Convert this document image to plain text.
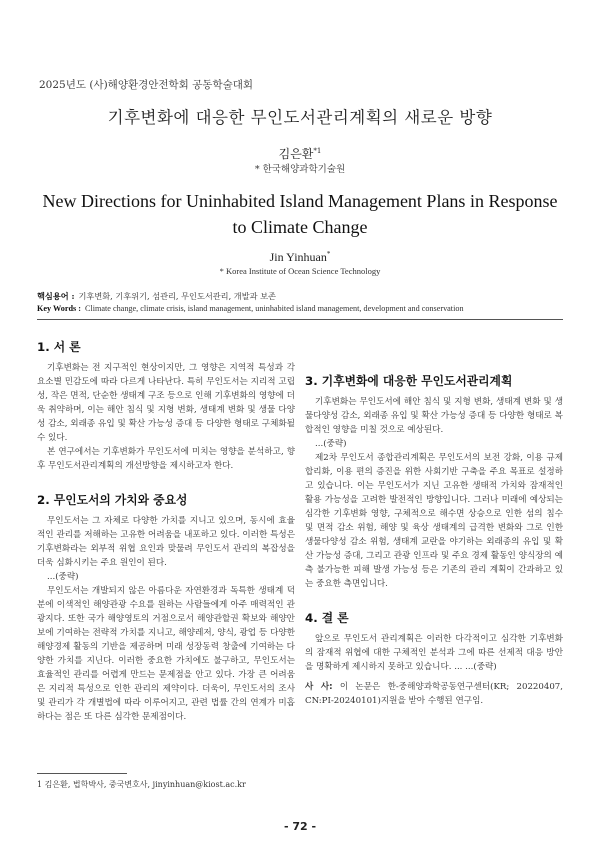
2025년도 (사)해양환경안전학회 공동학술대회
기후변화에 대응한 무인도서관리계획의 새로운 방향
김은환$^{*1}$
* 한국해양과학기술원
New Directions for Uninhabited Island Management Plans in Response to Climate Change
Jin Yinhuan*
* Korea Institute of Ocean Science Technology
핵심용어 : 기후변화, 기후위기, 섬관리, 무인도서관리, 개발과 보존
Key Words : Climate change, climate crisis, island management, uninhabited island management, development and conservation
1. 서 론

기후변화는 전 지구적인 현상이지만, 그 영향은 지역적 특성과 각 요소별 민감도에 따라 다르게 나타난다. 특히 무인도서는 지리적 고립성, 작은 면적, 단순한 생태계 구조 등으로 인해 기후변화의 영향에 더욱 취약하며, 이는 해안 침식 및 지형 변화, 생태계 변화 및 생물 다양성 감소, 외래종 유입 및 확산 가능성 증대 등 다양한 형태로 구체화될 수 있다.

본 연구에서는 기후변화가 무인도서에 미치는 영향을 분석하고, 향후 무인도서관리계획의 개선방향을 제시하고자 한다.

2. 무인도서의 가치와 중요성

무인도서는 그 자체로 다양한 가치를 지니고 있으며, 동시에 효율적인 관리를 저해하는 고유한 어려움을 내포하고 있다. 이러한 특성은 기후변화라는 외부적 위협 요인과 맞물려 무인도서 관리의 복잡성을 더욱 심화시키는 주요 원인이 된다.

...(중략)

무인도서는 개발되지 않은 아름다운 자연환경과 독특한 생태계 덕분에 이색적인 해양관광 수요를 원하는 사람들에게 아주 매력적인 관광지다. 또한 국가 해양영토의 거점으로서 해양관할권 확보와 해양안보에 기여하는 전략적 가치를 지니고, 해양레저, 양식, 광업 등 다양한 해양경제 활동의 기반을 제공하며 미래 성장동력 창출에 기여하는 다양한 가치를 지닌다. 이러한 중요한 가치에도 불구하고, 무인도서는 효율적인 관리를 어렵게 만드는 문제점을 안고 있다. 가장 큰 어려움은 지리적 특성으로 인한 관리의 제약이다. 더욱이, 무인도서의 조사 및 관리가 각 개별법에 따라 이루어지고, 관련 법률 간의 연계가 미흡하다는 점은 또 다른 심각한 문제점이다.

3. 기후변화에 대응한 무인도서관리계획

기후변화는 무인도서에 해안 침식 및 지형 변화, 생태계 변화 및 생물다양성 감소, 외래종 유입 및 확산 가능성 증대 등 다양한 형태로 복합적인 영향을 미칠 것으로 예상된다.

...(중략)

제2차 무인도서 종합관리계획은 무인도서의 보전 강화, 이용 규제 합리화, 이용 편의 증진을 위한 사회기반 구축을 주요 목표로 설정하고 있습니다. 이는 무인도서가 지닌 고유한 생태적 가치와 잠재적인 활용 가능성을 고려한 발전적인 방향입니다. 그러나 미래에 예상되는 심각한 기후변화 영향, 구체적으로 해수면 상승으로 인한 섬의 침수 및 면적 감소 위험, 해양 및 육상 생태계의 급격한 변화와 그로 인한 생물다양성 감소 위험, 생태계 교란을 야기하는 외래종의 유입 및 확산 가능성 증대, 그리고 관광 인프라 및 주요 경제 활동인 양식장의 예측 불가능한 피해 발생 가능성 등은 기존의 관리 계획이 간과하고 있는 중요한 측면입니다.

4. 결 론

앞으로 무인도서 관리계획은 이러한 다각적이고 심각한 기후변화의 잠재적 위협에 대한 구체적인 분석과 그에 따른 선제적 대응 방안을 명확하게 제시하지 못하고 있습니다. ... ...(중략)

사 사: 이 논문은 한-중해양과학공동연구센터(KR; 20220407, CN:PI-20240101)지원을 받아 수행된 연구임.
1 김은환, 법학박사, 중국변호사, jinyinhuan@kiost.ac.kr
- 72 -
